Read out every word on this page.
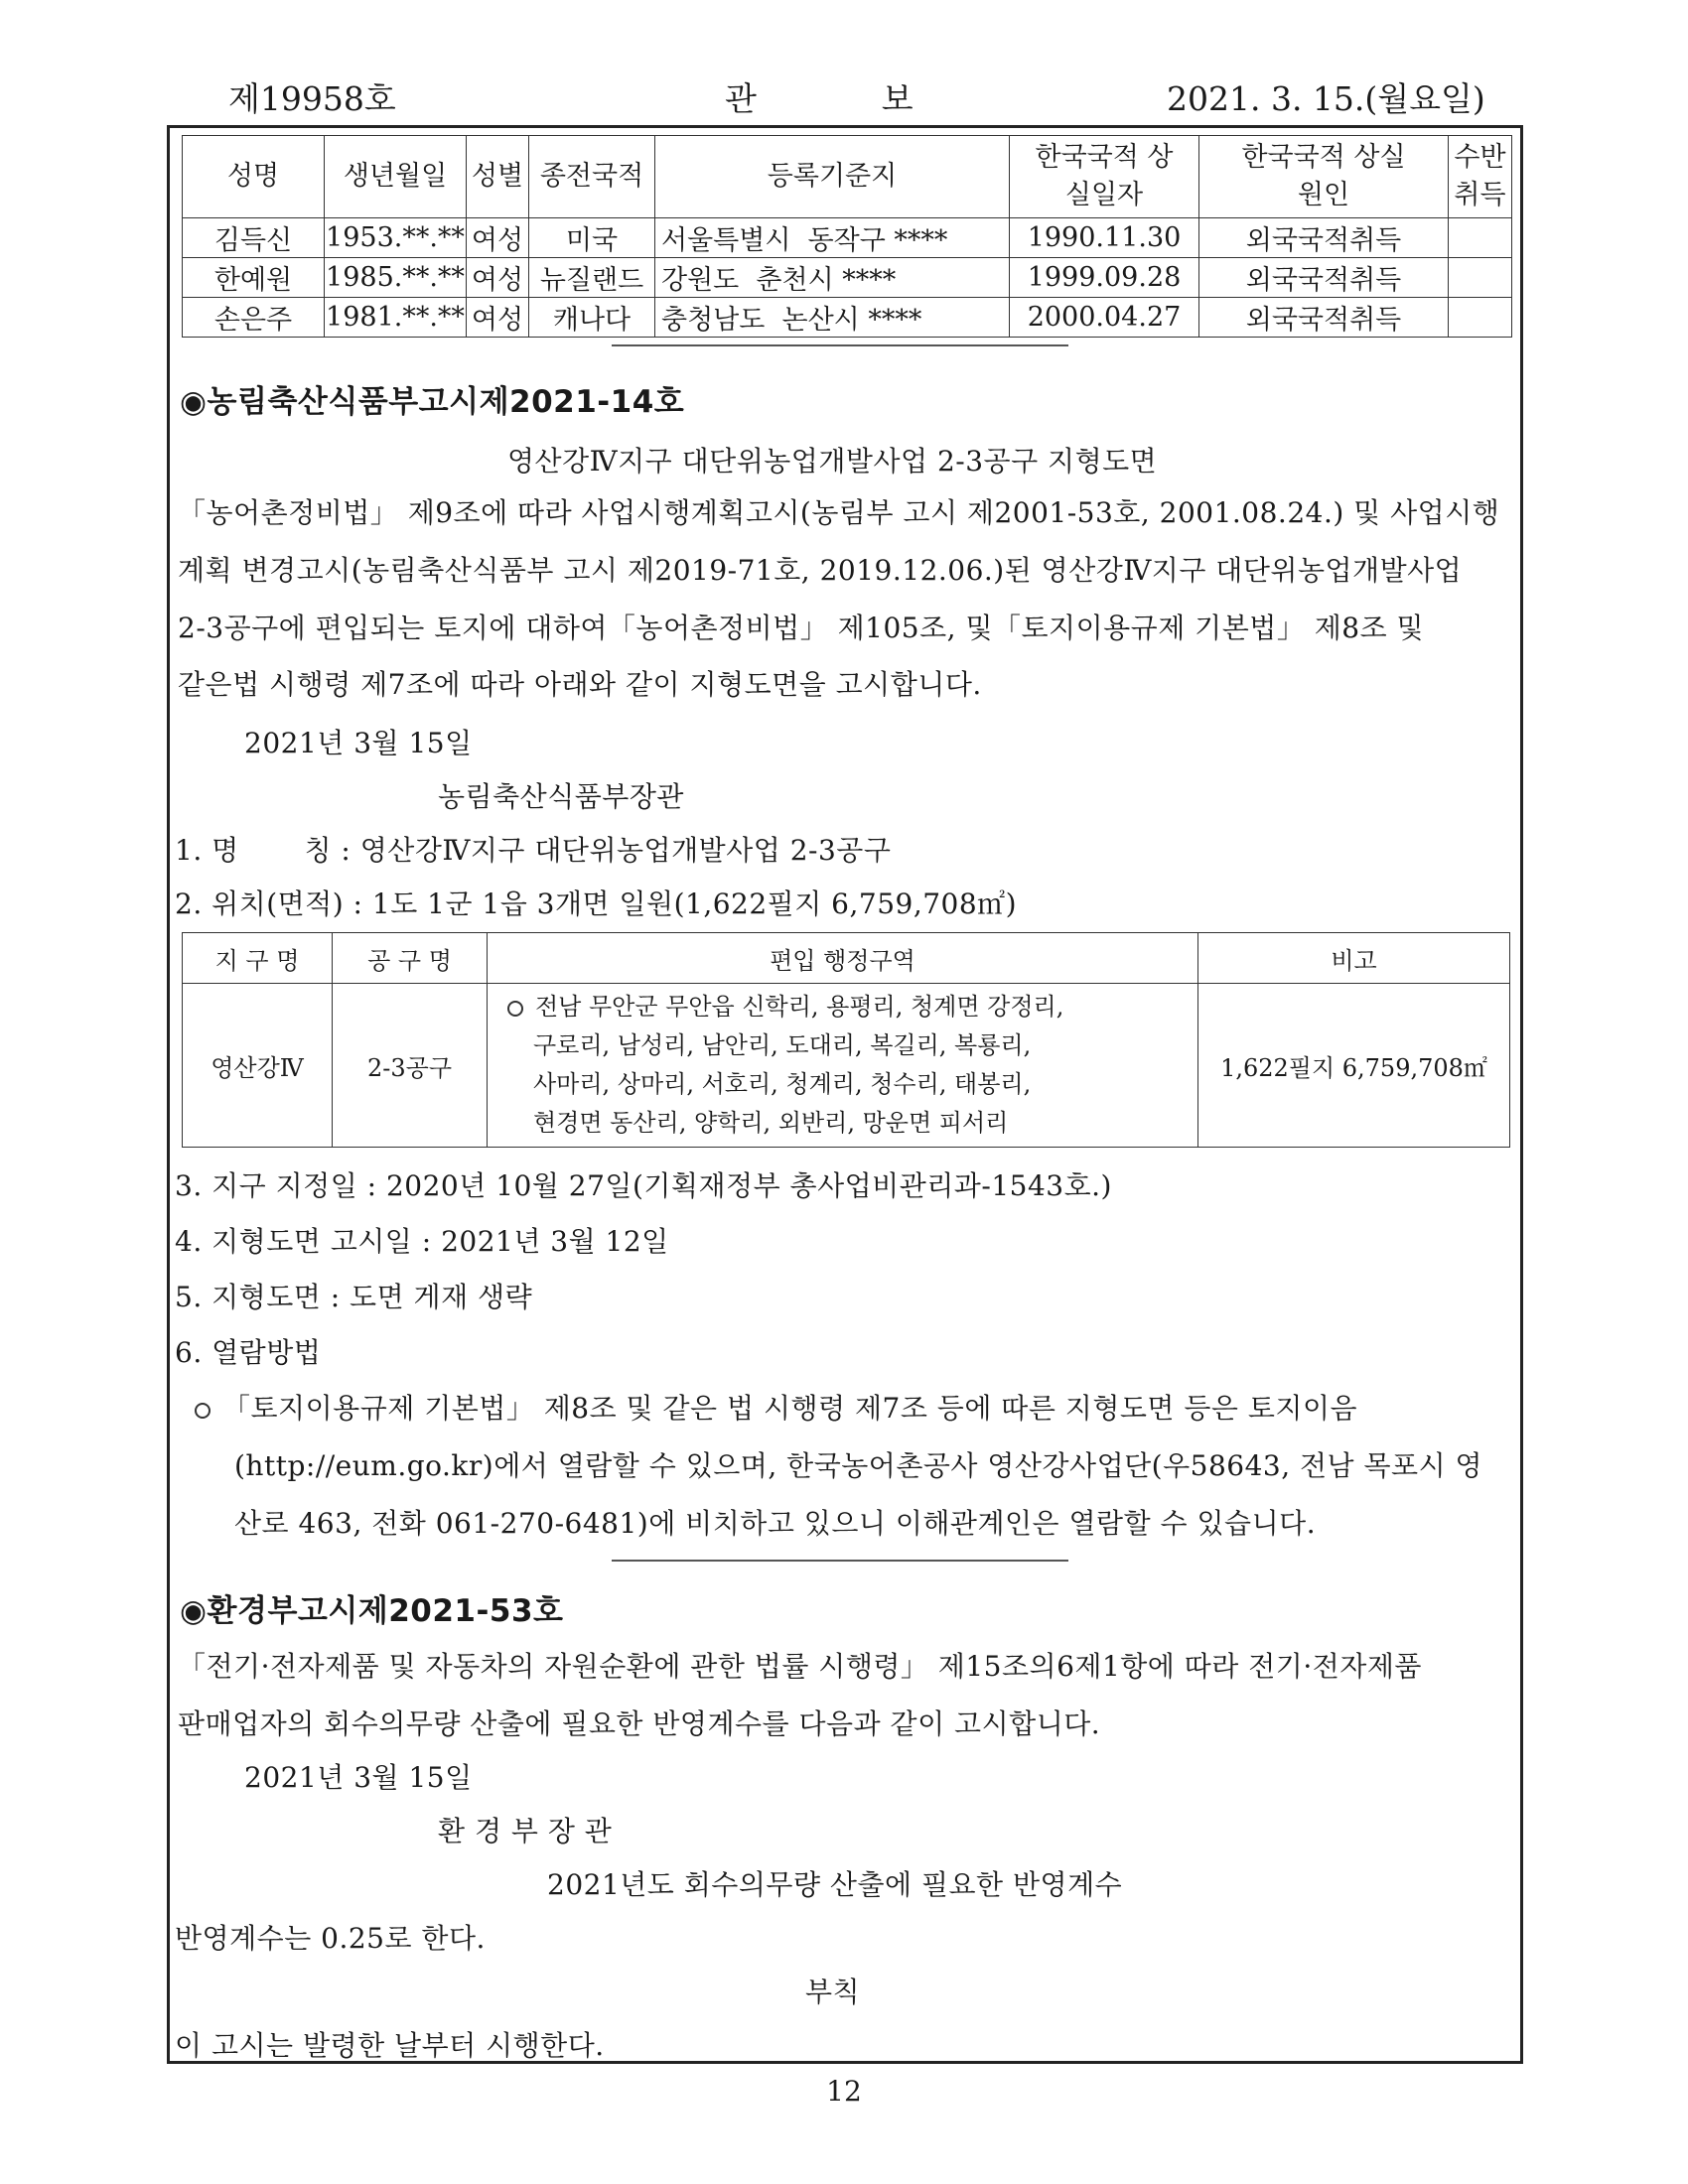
제19958호	관            보	2021. 3. 15.(월요일)
성명	생년월일	성별	종전국적	등록기준지	한국국적 상실일자	한국국적 상실원인	수반취득
김득신	1953.**.**	여성	미국	서울특별시  동작구 ****	1990.11.30	외국국적취득	
한예원	1985.**.**	여성	뉴질랜드	강원도  춘천시 ****	1999.09.28	외국국적취득	
손은주	1981.**.**	여성	캐나다	충청남도  논산시 ****	2000.04.27	외국국적취득	
◉농림축산식품부고시제2021-14호
영산강Ⅳ지구 대단위농업개발사업 2-3공구 지형도면
「농어촌정비법」 제9조에 따라 사업시행계획고시(농림부 고시 제2001-53호, 2001.08.24.) 및 사업시행
계획 변경고시(농림축산식품부 고시 제2019-71호, 2019.12.06.)된 영산강Ⅳ지구 대단위농업개발사업
2-3공구에 편입되는 토지에 대하여「농어촌정비법」 제105조, 및「토지이용규제 기본법」 제8조 및
같은법 시행령 제7조에 따라 아래와 같이 지형도면을 고시합니다.
2021년 3월 15일
농림축산식품부장관
1. 명       칭 : 영산강Ⅳ지구 대단위농업개발사업 2-3공구
2. 위치(면적) : 1도 1군 1읍 3개면 일원(1,622필지 6,759,708㎡)
지 구 명	공 구 명	편입 행정구역	비고
영산강Ⅳ	2-3공구	전남 무안군 무안읍 신학리, 용평리, 청계면 강정리,
구로리, 남성리, 남안리, 도대리, 복길리, 복룡리,
사마리, 상마리, 서호리, 청계리, 청수리, 태봉리,
현경면 동산리, 양학리, 외반리, 망운면 피서리	1,622필지 6,759,708㎡
3. 지구 지정일 : 2020년 10월 27일(기획재정부 총사업비관리과-1543호.)
4. 지형도면 고시일 : 2021년 3월 12일
5. 지형도면 : 도면 게재 생략
6. 열람방법
「토지이용규제 기본법」 제8조 및 같은 법 시행령 제7조 등에 따른 지형도면 등은 토지이음
(http://eum.go.kr)에서 열람할 수 있으며, 한국농어촌공사 영산강사업단(우58643, 전남 목포시 영
산로 463, 전화 061-270-6481)에 비치하고 있으니 이해관계인은 열람할 수 있습니다.
◉환경부고시제2021-53호
「전기·전자제품 및 자동차의 자원순환에 관한 법률 시행령」 제15조의6제1항에 따라 전기·전자제품
판매업자의 회수의무량 산출에 필요한 반영계수를 다음과 같이 고시합니다.
2021년 3월 15일
환 경 부 장 관
2021년도 회수의무량 산출에 필요한 반영계수
반영계수는 0.25로 한다.
부칙
이 고시는 발령한 날부터 시행한다.
12
